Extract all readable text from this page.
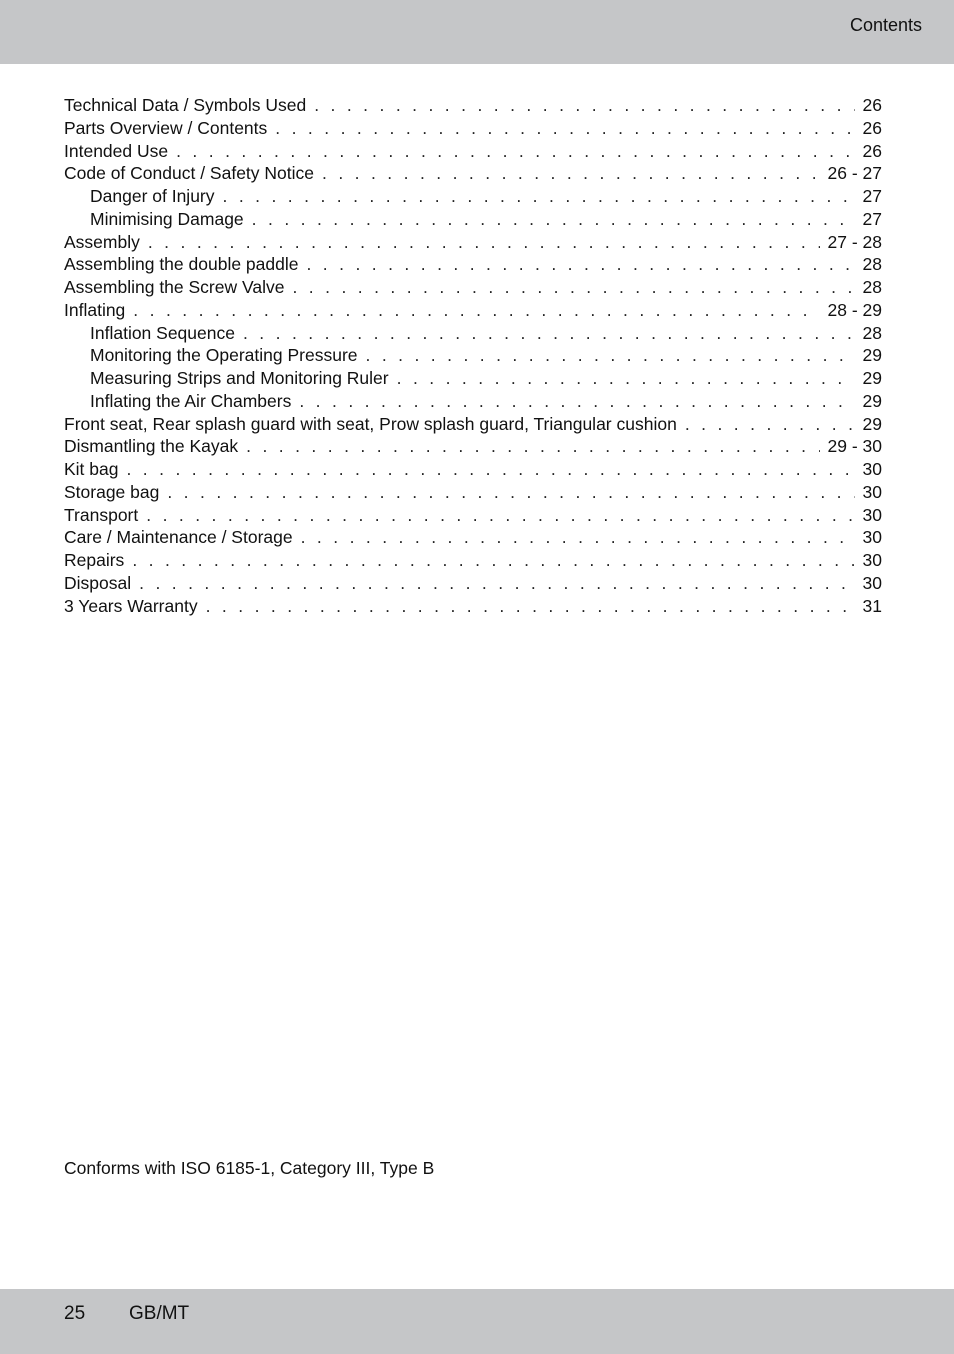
Contents
Technical Data / Symbols Used . . .	26
Parts Overview / Contents . . .	26
Intended Use . . .	26
Code of Conduct / Safety Notice . . .	26 - 27
Danger of Injury . . .	27
Minimising Damage . . .	27
Assembly . . .	27 - 28
Assembling the double paddle . . .	28
Assembling the Screw Valve . . .	28
Inflating . . .	28 - 29
Inflation Sequence . . .	28
Monitoring the Operating Pressure . . .	29
Measuring Strips and Monitoring Ruler . . .	29
Inflating the Air Chambers . . .	29
Front seat, Rear splash guard with seat, Prow splash guard, Triangular cushion . . .	29
Dismantling the Kayak . . .	29 - 30
Kit bag . . .	30
Storage bag . . .	30
Transport . . .	30
Care / Maintenance / Storage . . .	30
Repairs . . .	30
Disposal . . .	30
3 Years Warranty . . .	31
Conforms with ISO 6185-1, Category III, Type B
25 GB/MT
